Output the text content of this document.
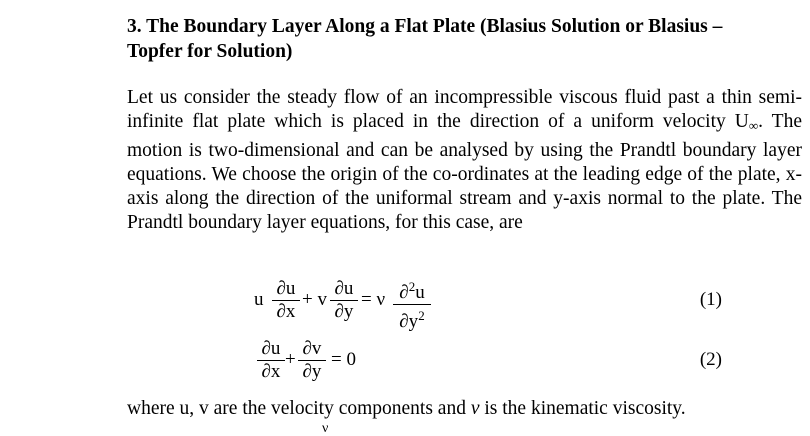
3. The Boundary Layer Along a Flat Plate (Blasius Solution or Blasius –
Topfer for Solution)

Let us consider the steady flow of an incompressible viscous fluid past a thin semi-infinite flat plate which is placed in the direction of a uniform velocity U∞. The motion is two-dimensional and can be analysed by using the Prandtl boundary layer equations. We choose the origin of the co-ordinates at the leading edge of the plate, x-axis along the direction of the uniformal stream and y-axis normal to the plate. The Prandtl boundary layer equations, for this case, are

u
∂u
∂x
+ v
∂u
∂y
= ν ∂$^2$u
$\partial y^2$
(1)
∂u
∂x
+
∂v
∂y
= 0	(2)
where u, v are the velocity components and ν is the kinematic viscosity.
ν
